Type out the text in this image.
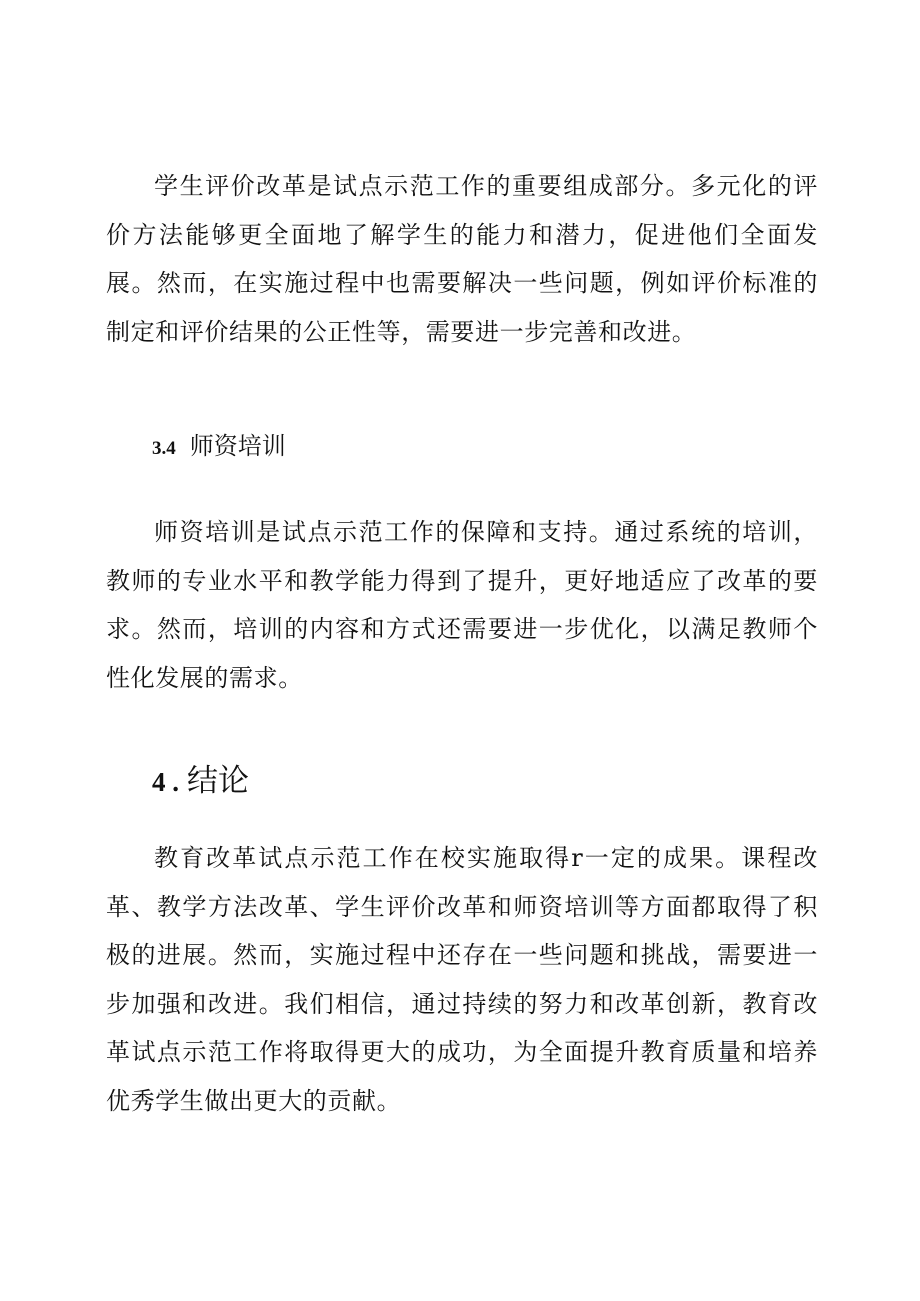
学生评价改革是试点示范工作的重要组成部分。多元化的评价方法能够更全面地了解学生的能力和潜力，促进他们全面发展。然而，在实施过程中也需要解决一些问题，例如评价标准的制定和评价结果的公正性等，需要进一步完善和改进。

3.4 师资培训

师资培训是试点示范工作的保障和支持。通过系统的培训，教师的专业水平和教学能力得到了提升，更好地适应了改革的要求。然而，培训的内容和方式还需要进一步优化，以满足教师个性化发展的需求。

4 . 结论

教育改革试点示范工作在校实施取得r一定的成果。课程改革、教学方法改革、学生评价改革和师资培训等方面都取得了积极的进展。然而，实施过程中还存在一些问题和挑战，需要进一步加强和改进。我们相信，通过持续的努力和改革创新，教育改革试点示范工作将取得更大的成功，为全面提升教育质量和培养优秀学生做出更大的贡献。
